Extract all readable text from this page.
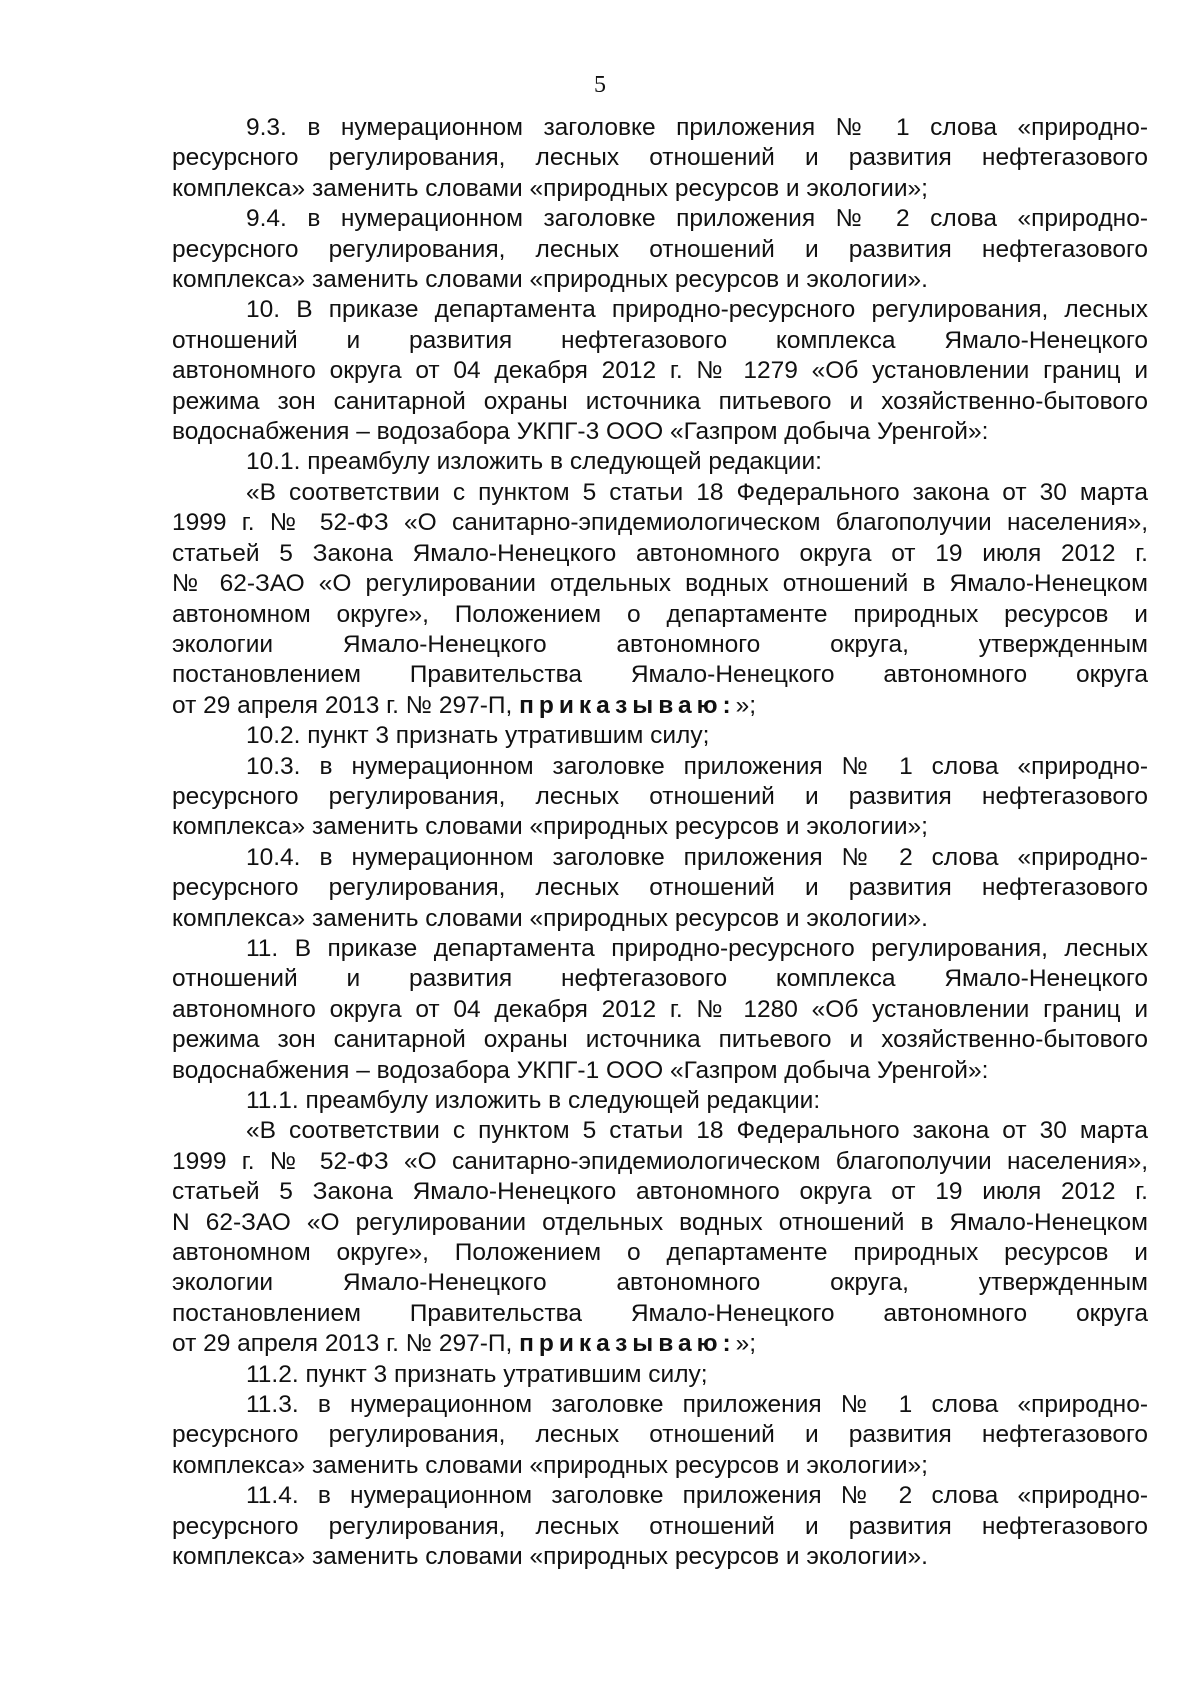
5
9.3. в нумерационном заголовке приложения № 1 слова «природно-
ресурсного регулирования, лесных отношений и развития нефтегазового
комплекса» заменить словами «природных ресурсов и экологии»;
9.4. в нумерационном заголовке приложения № 2 слова «природно-
ресурсного регулирования, лесных отношений и развития нефтегазового
комплекса» заменить словами «природных ресурсов и экологии».
10. В приказе департамента природно-ресурсного регулирования, лесных
отношений и развития нефтегазового комплекса Ямало-Ненецкого
автономного округа от 04 декабря 2012 г. № 1279 «Об установлении границ и
режима зон санитарной охраны источника питьевого и хозяйственно-бытового
водоснабжения – водозабора УКПГ-3 ООО «Газпром добыча Уренгой»:
10.1. преамбулу изложить в следующей редакции:
«В соответствии с пунктом 5 статьи 18 Федерального закона от 30 марта
1999 г. № 52-ФЗ «О санитарно-эпидемиологическом благополучии населения»,
статьей 5 Закона Ямало-Ненецкого автономного округа от 19 июля 2012 г.
№ 62-ЗАО «О регулировании отдельных водных отношений в Ямало-Ненецком
автономном округе», Положением о департаменте природных ресурсов и
экологии Ямало-Ненецкого автономного округа, утвержденным
постановлением Правительства Ямало-Ненецкого автономного округа
от 29 апреля 2013 г. № 297-П, приказываю:»;
10.2. пункт 3 признать утратившим силу;
10.3. в нумерационном заголовке приложения № 1 слова «природно-
ресурсного регулирования, лесных отношений и развития нефтегазового
комплекса» заменить словами «природных ресурсов и экологии»;
10.4. в нумерационном заголовке приложения № 2 слова «природно-
ресурсного регулирования, лесных отношений и развития нефтегазового
комплекса» заменить словами «природных ресурсов и экологии».
11. В приказе департамента природно-ресурсного регулирования, лесных
отношений и развития нефтегазового комплекса Ямало-Ненецкого
автономного округа от 04 декабря 2012 г. № 1280 «Об установлении границ и
режима зон санитарной охраны источника питьевого и хозяйственно-бытового
водоснабжения – водозабора УКПГ-1 ООО «Газпром добыча Уренгой»:
11.1. преамбулу изложить в следующей редакции:
«В соответствии с пунктом 5 статьи 18 Федерального закона от 30 марта
1999 г. № 52-ФЗ «О санитарно-эпидемиологическом благополучии населения»,
статьей 5 Закона Ямало-Ненецкого автономного округа от 19 июля 2012 г.
N 62-ЗАО «О регулировании отдельных водных отношений в Ямало-Ненецком
автономном округе», Положением о департаменте природных ресурсов и
экологии Ямало-Ненецкого автономного округа, утвержденным
постановлением Правительства Ямало-Ненецкого автономного округа
от 29 апреля 2013 г. № 297-П, приказываю:»;
11.2. пункт 3 признать утратившим силу;
11.3. в нумерационном заголовке приложения № 1 слова «природно-
ресурсного регулирования, лесных отношений и развития нефтегазового
комплекса» заменить словами «природных ресурсов и экологии»;
11.4. в нумерационном заголовке приложения № 2 слова «природно-
ресурсного регулирования, лесных отношений и развития нефтегазового
комплекса» заменить словами «природных ресурсов и экологии».
